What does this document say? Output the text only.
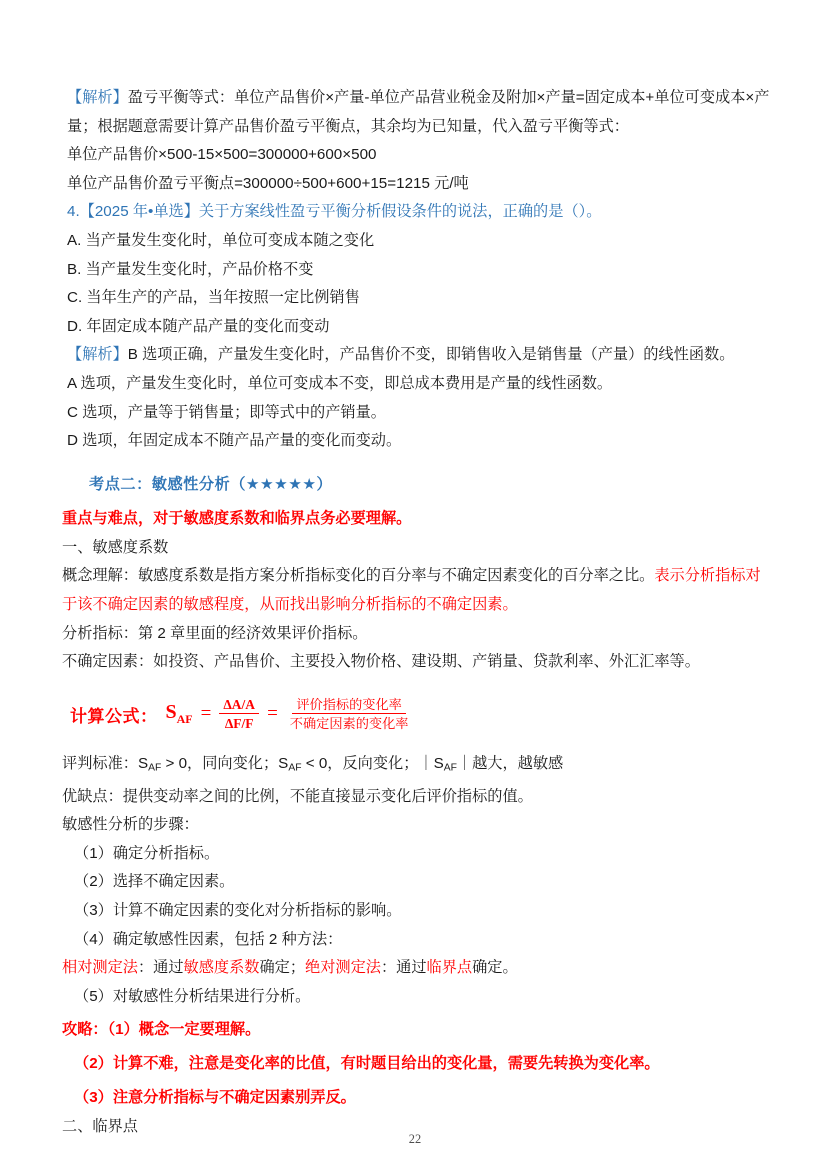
【解析】盈亏平衡等式：单位产品售价×产量-单位产品营业税金及附加×产量=固定成本+单位可变成本×产量；根据题意需要计算产品售价盈亏平衡点，其余均为已知量，代入盈亏平衡等式：
单位产品售价×500-15×500=300000+600×500
单位产品售价盈亏平衡点=300000÷500+600+15=1215 元/吨
4.【2025 年•单选】关于方案线性盈亏平衡分析假设条件的说法，正确的是（）。
A. 当产量发生变化时，单位可变成本随之变化
B. 当产量发生变化时，产品价格不变
C. 当年生产的产品，当年按照一定比例销售
D. 年固定成本随产品产量的变化而变动
【解析】B 选项正确，产量发生变化时，产品售价不变，即销售收入是销售量（产量）的线性函数。
A 选项，产量发生变化时，单位可变成本不变，即总成本费用是产量的线性函数。
C 选项，产量等于销售量；即等式中的产销量。
D 选项，年固定成本不随产品产量的变化而变动。
考点二：敏感性分析（★★★★★）
重点与难点，对于敏感度系数和临界点务必要理解。
一、敏感度系数
概念理解：敏感度系数是指方案分析指标变化的百分率与不确定因素变化的百分率之比。表示分析指标对于该不确定因素的敏感程度，从而找出影响分析指标的不确定因素。
分析指标：第 2 章里面的经济效果评价指标。
不确定因素：如投资、产品售价、主要投入物价格、建设期、产销量、贷款利率、外汇汇率等。
计算公式： $S_{AF} = \frac{\Delta A/A}{\Delta F/F} = \frac{\text{评价指标的变化率}}{\text{不确定因素的变化率}}$
评判标准：SAF > 0，同向变化；SAF < 0，反向变化；｜SAF｜越大，越敏感
优缺点：提供变动率之间的比例，不能直接显示变化后评价指标的值。
敏感性分析的步骤：
（1）确定分析指标。
（2）选择不确定因素。
（3）计算不确定因素的变化对分析指标的影响。
（4）确定敏感性因素，包括 2 种方法：
相对测定法：通过敏感度系数确定；绝对测定法：通过临界点确定。
（5）对敏感性分析结果进行分析。
攻略：（1）概念一定要理解。
（2）计算不难，注意是变化率的比值，有时题目给出的变化量，需要先转换为变化率。
（3）注意分析指标与不确定因素别弄反。
二、临界点
22
